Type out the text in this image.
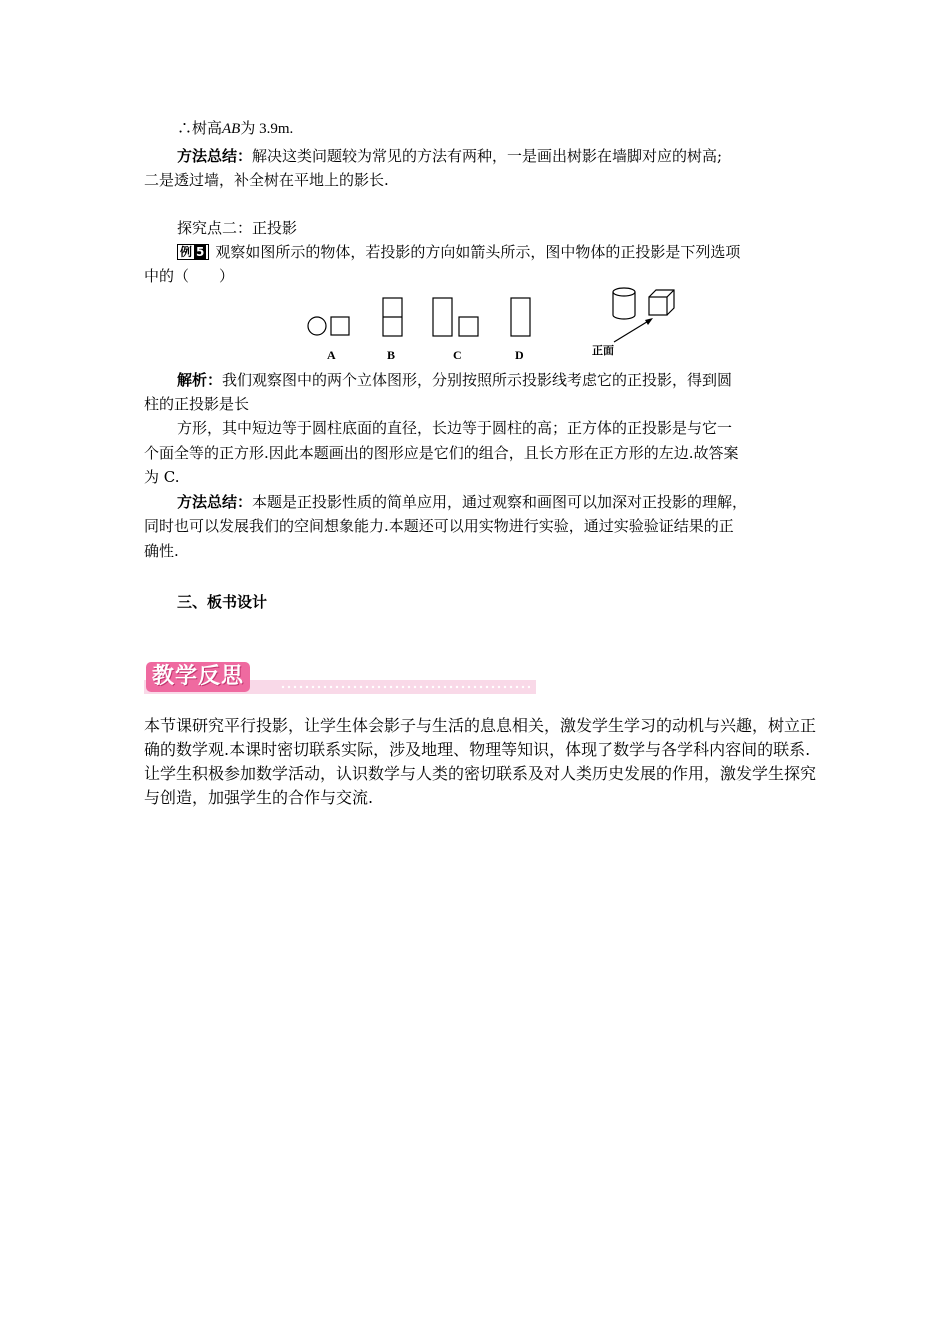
∴树高AB为 3.9m.
方法总结：解决这类问题较为常见的方法有两种，一是画出树影在墙脚对应的树高;
二是透过墙，补全树在平地上的影长.
探究点二：正投影
例 5 观察如图所示的物体，若投影的方向如箭头所示，图中物体的正投影是下列选项
中的（　　）
A	B	C	D	正面
解析：我们观察图中的两个立体图形，分别按照所示投影线考虑它的正投影，得到圆
柱的正投影是长
方形，其中短边等于圆柱底面的直径，长边等于圆柱的高；正方体的正投影是与它一
个面全等的正方形.因此本题画出的图形应是它们的组合，且长方形在正方形的左边.故答案
为 C.
方法总结：本题是正投影性质的简单应用，通过观察和画图可以加深对正投影的理解，
同时也可以发展我们的空间想象能力.本题还可以用实物进行实验，通过实验验证结果的正
确性.
三、板书设计
教学反思
本节课研究平行投影，让学生体会影子与生活的息息相关，激发学生学习的动机与兴趣，树立正确的数学观.本课时密切联系实际，涉及地理、物理等知识，体现了数学与各学科内容间的联系.让学生积极参加数学活动，认识数学与人类的密切联系及对人类历史发展的作用，激发学生探究与创造，加强学生的合作与交流.
